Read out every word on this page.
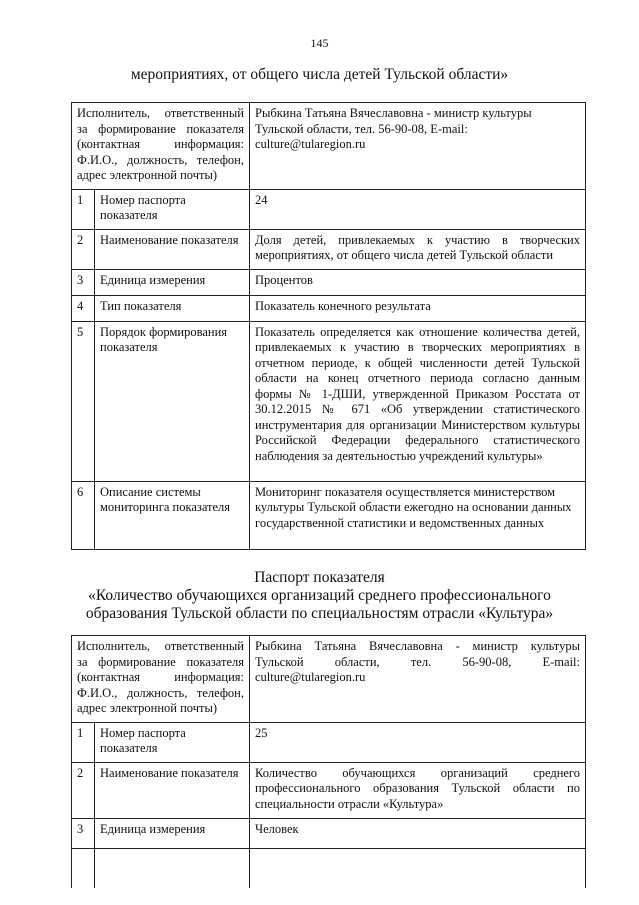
145
мероприятиях, от общего числа детей Тульской области»
Исполнитель, ответственный за формирование показателя (контактная информация: Ф.И.О., должность, телефон, адрес электронной почты)		Рыбкина Татьяна Вячеславовна - министр культуры Тульской области, тел. 56-90-08, E-mail: culture@tularegion.ru
1	Номер паспорта показателя	24
2	Наименование показателя	Доля детей, привлекаемых к участию в творческих мероприятиях, от общего числа детей Тульской области
3	Единица измерения	Процентов
4	Тип показателя	Показатель конечного результата
5	Порядок формирования показателя	Показатель определяется как отношение количества детей, привлекаемых к участию в творческих мероприятиях в отчетном периоде, к общей численности детей Тульской области на конец отчетного периода согласно данным формы № 1-ДШИ, утвержденной Приказом Росстата от 30.12.2015 № 671 «Об утверждении статистического инструментария для организации Министерством культуры Российской Федерации федерального статистического наблюдения за деятельностью учреждений культуры»
6	Описание системы мониторинга показателя	Мониторинг показателя осуществляется министерством культуры Тульской области ежегодно на основании данных государственной статистики и ведомственных данных
Паспорт показателя
«Количество обучающихся организаций среднего профессионального
образования Тульской области по специальностям отрасли «Культура»
Исполнитель, ответственный за формирование показателя (контактная информация: Ф.И.О., должность, телефон, адрес электронной почты)		Рыбкина Татьяна Вячеславовна - министр культуры Тульской области, тел. 56-90-08, E-mail: culture@tularegion.ru
1	Номер паспорта показателя	25
2	Наименование показателя	Количество обучающихся организаций среднего профессионального образования Тульской области по специальности отрасли «Культура»
3	Единица измерения	Человек
